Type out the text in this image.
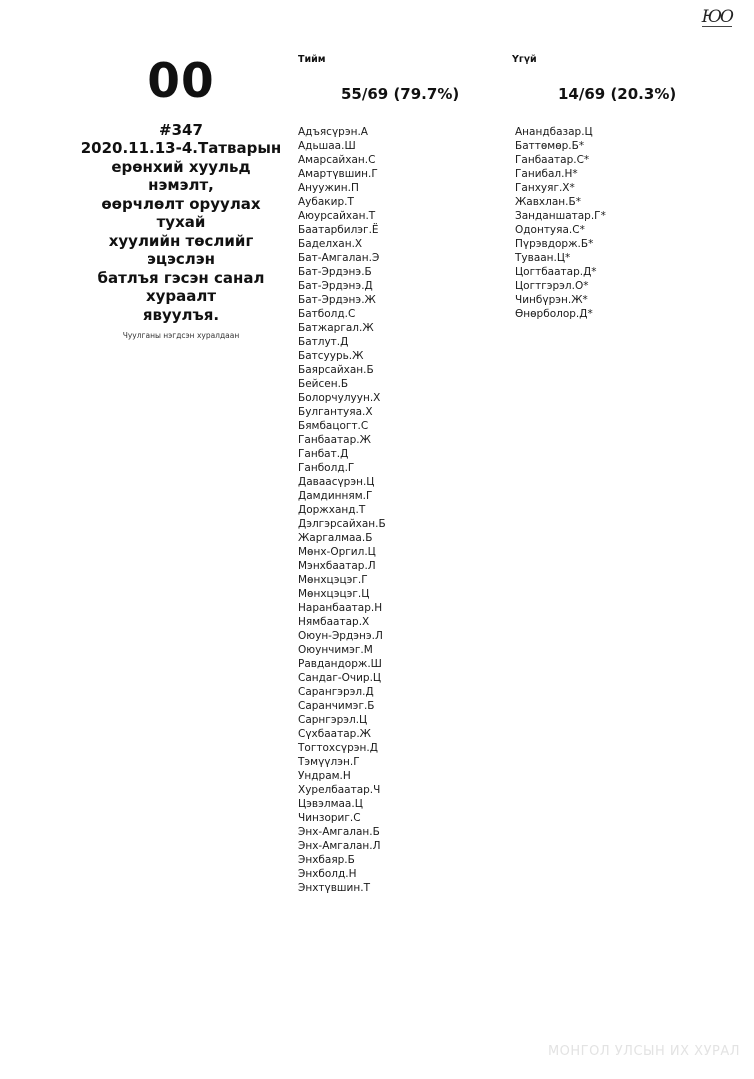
ЮО
00
#347

2020.11.13-4.Татварын

ерөнхий хуульд нэмэлт,

өөрчлөлт оруулах тухай

хуулийн төслийг эцэслэн

батлъя гэсэн санал хураалт

явуулъя.

Чуулганы нэгдсэн хуралдаан
Тийм
55/69 (79.7%)
Адъясүрэн.А
Адьшаа.Ш
Амарсайхан.С
Амартүвшин.Г
Ануужин.П
Аубакир.Т
Аюурсайхан.Т
Баатарбилэг.Ё
Баделхан.Х
Бат-Амгалан.Э
Бат-Эрдэнэ.Б
Бат-Эрдэнэ.Д
Бат-Эрдэнэ.Ж
Батболд.С
Батжаргал.Ж
Батлут.Д
Батсуурь.Ж
Баярсайхан.Б
Бейсен.Б
Болорчулуун.Х
Булгантуяа.Х
Бямбацогт.С
Ганбаатар.Ж
Ганбат.Д
Ганболд.Г
Даваасүрэн.Ц
Дамдинням.Г
Доржханд.Т
Дэлгэрсайхан.Б
Жаргалмаа.Б
Мөнх-Оргил.Ц
Мэнхбаатар.Л
Мөнхцэцэг.Г
Мөнхцэцэг.Ц
Наранбаатар.Н
Нямбаатар.Х
Оюун-Эрдэнэ.Л
Оюунчимэг.М
Равдандорж.Ш
Сандаг-Очир.Ц
Сарангэрэл.Д
Саранчимэг.Б
Сарнгэрэл.Ц
Сүхбаатар.Ж
Тогтохсүрэн.Д
Тэмүүлэн.Г
Ундрам.Н
Хурелбаатар.Ч
Цэвэлмаа.Ц
Чинзориг.С
Энх-Амгалан.Б
Энх-Амгалан.Л
Энхбаяр.Б
Энхболд.Н
Энхтүвшин.Т
Үгүй
14/69 (20.3%)
Анандбазар.Ц
Баттөмөр.Б*
Ганбаатар.С*
Ганибал.Н*
Ганхуяг.Х*
Жавхлан.Б*
Занданшатар.Г*
Одонтуяа.С*
Пүрэвдорж.Б*
Туваан.Ц*
Цогтбаатар.Д*
Цогтгэрэл.О*
Чинбүрэн.Ж*
Өнөрболор.Д*
МОНГОЛ УЛСЫН ИХ ХУРАЛ
